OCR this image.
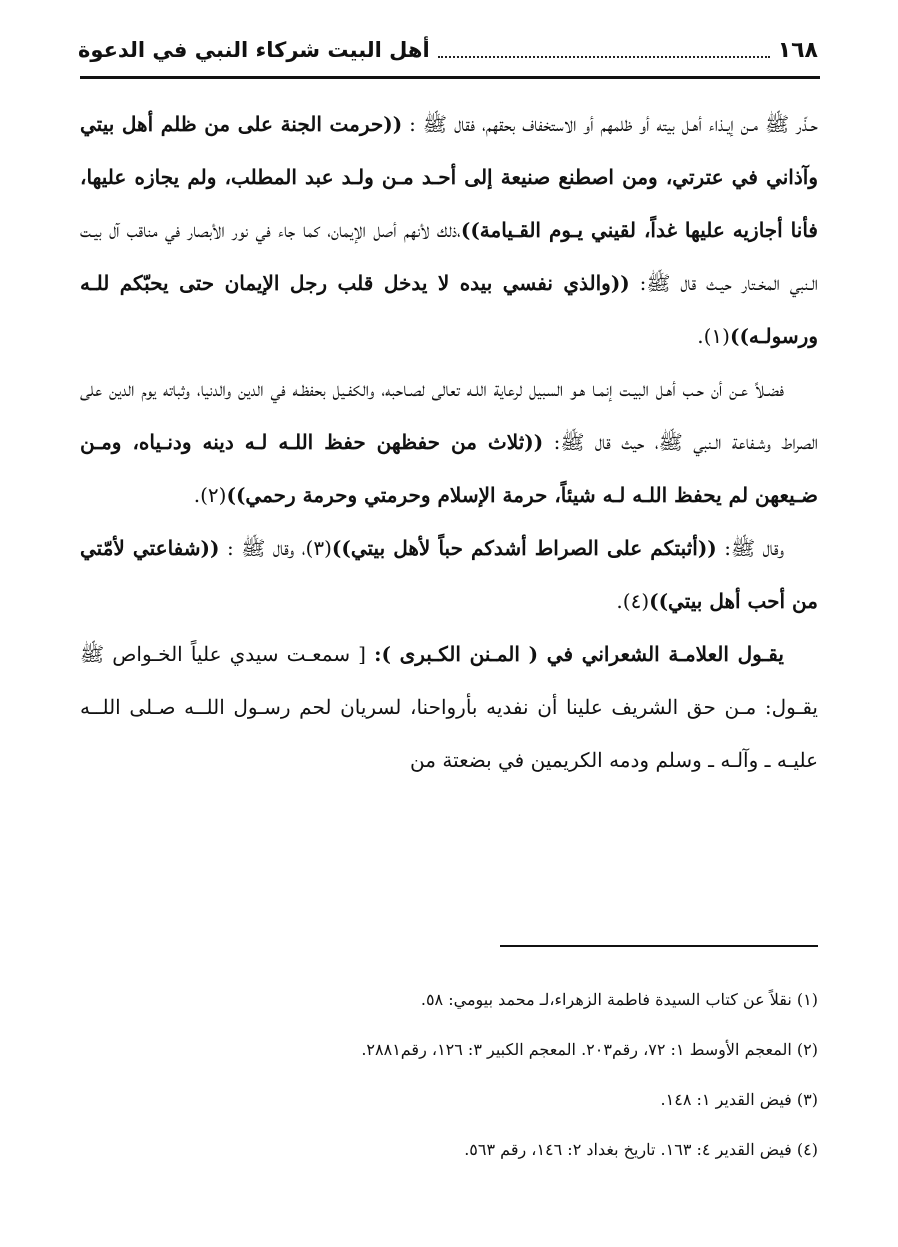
١٦٨
أهل البيت شركاء النبي في الدعوة

حـذّر ﷺ مـن إيـذاء أهـل بيته أو ظلمهم أو الاستخفاف بحقهم، فقال ﷺ : ((حرمت الجنة على من ظلم أهل بيتي وآذاني في عترتي، ومن اصطنع صنيعة إلى أحـد مـن ولـد عبد المطلب، ولم يجازه عليها، فأنا أجازيه عليها غداً، لقيني يـوم القـيامة))،ذلك لأنهم أصل الإيمان، كما جاء في نور الأبصار في مناقب آل بيـت الـنبي المخـتار حيـث قال ﷺ: ((والذي نفسي بيده لا يدخل قلب رجل الإيمان حتى يحبّكم للـه ورسولـه))(١).

فضـلاً عـن أن حـب أهـل البيـت إنمـا هـو السبيل لرعاية اللـه تعالى لصـاحبه، والكفـيل بحفظـه في الدين والدنيا، وثباته يوم الدين على الصراط وشـفاعة الـنبي ﷺ، حيث قال ﷺ: ((ثلاث من حفظهن حفظ اللـه لـه دينه ودنـياه، ومـن ضـيعهن لم يحفظ اللـه لـه شيئاً، حرمة الإسلام وحرمتي وحرمة رحمي))(٢).

وقال ﷺ: ((أثبتكم على الصراط أشدكم حباً لأهل بيتي))(٣)، وقال ﷺ : ((شفاعتي لأمّتي من أحب أهل بيتي))(٤).

يقـول العلامـة الشعراني في ( المـنن الكـبرى ): [ سمعـت سيدي علياً الخـواص ﷺ يقـول: مـن حق الشريف علينا أن نفديه بأرواحنا، لسريان لحم رسـول اللــه صـلى اللــه عليـه ـ وآلـه ـ وسلم ودمه الكريمين في بضعتة من

(١) نقلاً عن كتاب السيدة فاطمة الزهراء،لـ محمد بيومي: ٥٨.
(٢) المعجم الأوسط ١: ٧٢، رقم٢٠٣. المعجم الكبير ٣: ١٢٦، رقم٢٨٨١.
(٣) فيض القدير ١: ١٤٨.
(٤) فيض القدير ٤: ١٦٣. تاريخ بغداد ٢: ١٤٦، رقم ٥٦٣.
